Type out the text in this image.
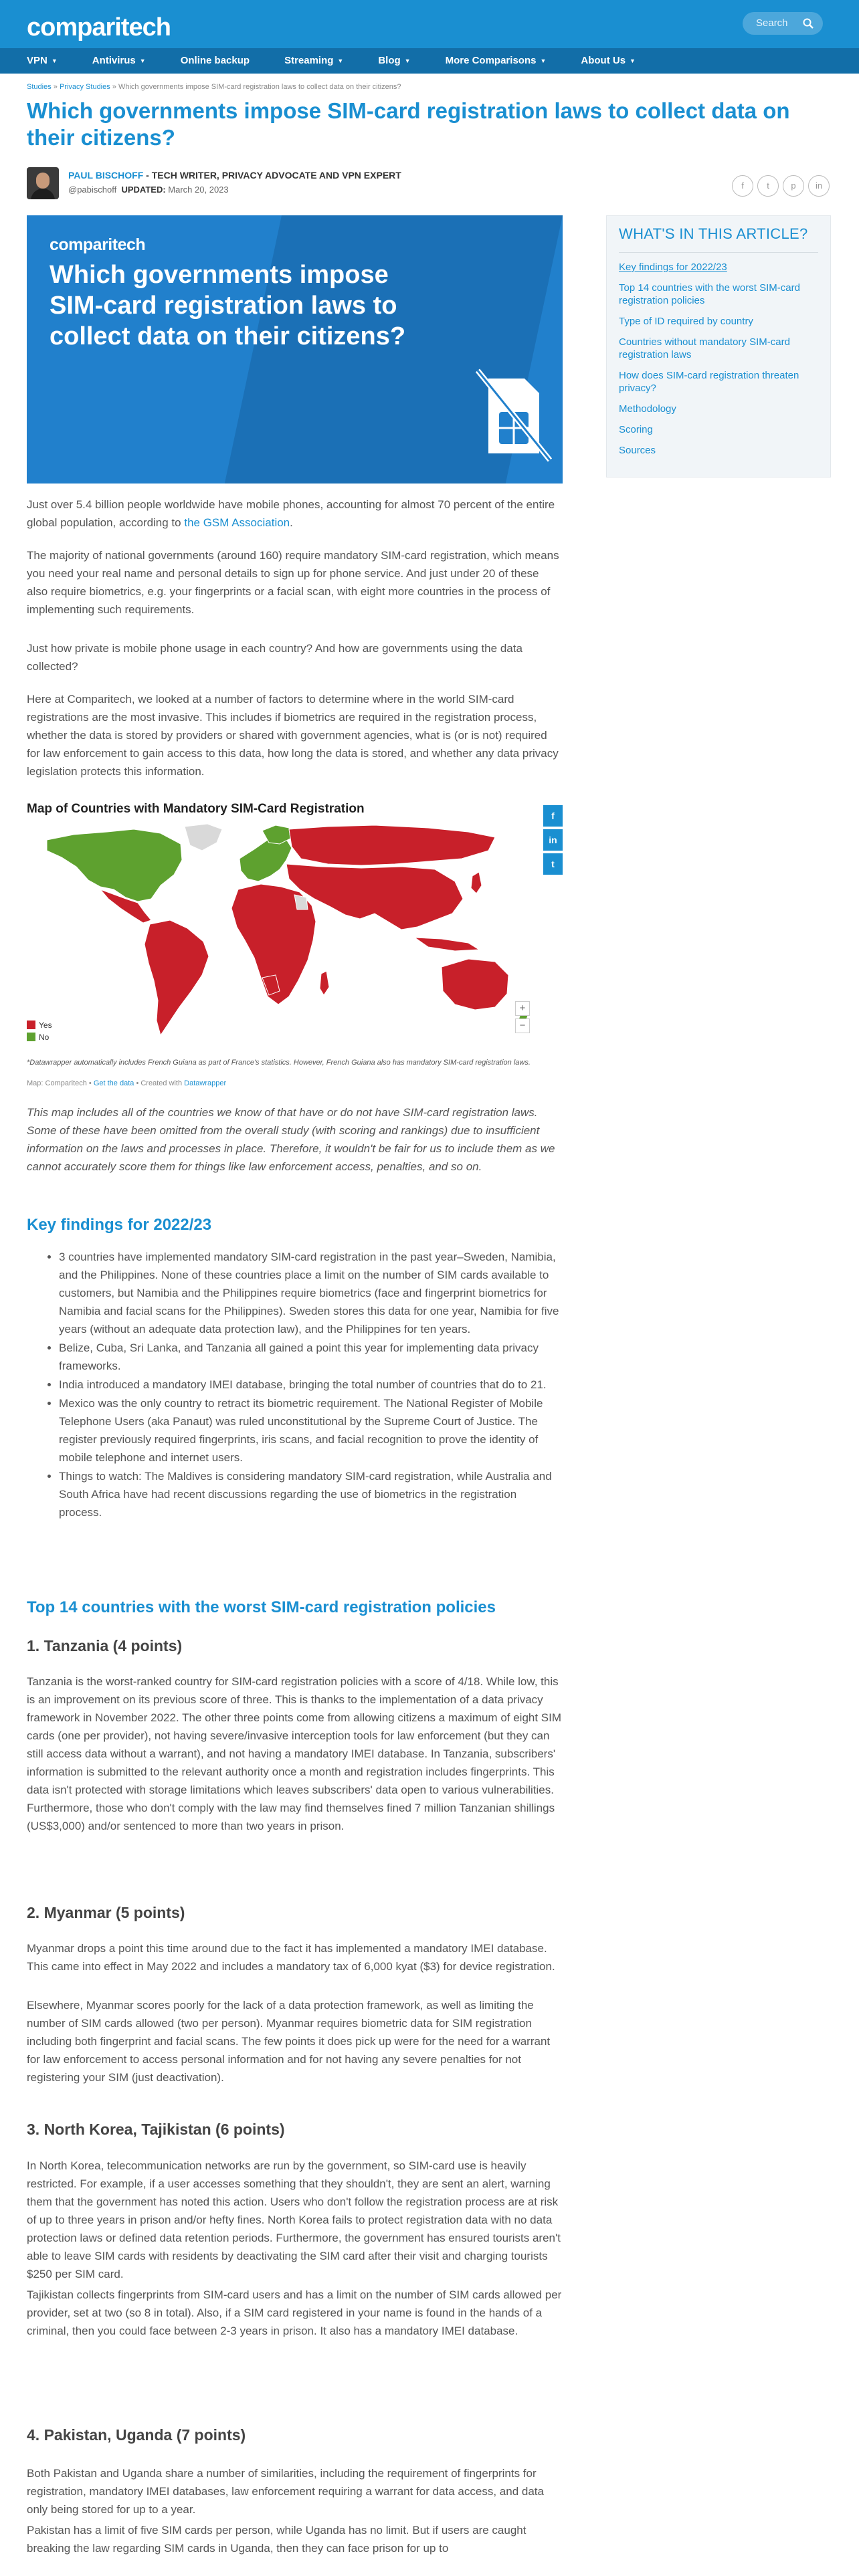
comparitech	Search
VPN ▼	Antivirus ▼	Online backup	Streaming ▼	Blog ▼	More Comparisons ▼	About Us ▼
Studies » Privacy Studies » Which governments impose SIM-card registration laws to collect data on their citizens?
Which governments impose SIM-card registration laws to collect data on their citizens?
PAUL BISCHOFF - TECH WRITER, PRIVACY ADVOCATE AND VPN EXPERT
@pabischoff UPDATED: March 20, 2023	f	t	p	in
comparitech
Which governments impose SIM-card registration laws to collect data on their citizens?

Just over 5.4 billion people worldwide have mobile phones, accounting for almost 70 percent of the entire global population, according to the GSM Association.

The majority of national governments (around 160) require mandatory SIM-card registration, which means you need your real name and personal details to sign up for phone service. And just under 20 of these also require biometrics, e.g. your fingerprints or a facial scan, with eight more countries in the process of implementing such requirements.

Just how private is mobile phone usage in each country? And how are governments using the data collected?

Here at Comparitech, we looked at a number of factors to determine where in the world SIM-card registrations are the most invasive. This includes if biometrics are required in the registration process, whether the data is stored by providers or shared with government agencies, what is (or is not) required for law enforcement to gain access to this data, how long the data is stored, and whether any data privacy legislation protects this information.

Map of Countries with Mandatory SIM-Card Registration	f
in
t
+
−
Yes
No
*Datawrapper automatically includes French Guiana as part of France's statistics. However, French Guiana also has mandatory SIM-card registration laws.
Map: Comparitech • Get the data • Created with Datawrapper

This map includes all of the countries we know of that have or do not have SIM-card registration laws. Some of these have been omitted from the overall study (with scoring and rankings) due to insufficient information on the laws and processes in place. Therefore, it wouldn't be fair for us to include them as we cannot accurately score them for things like law enforcement access, penalties, and so on.

Key findings for 2022/23
• 3 countries have implemented mandatory SIM-card registration in the past year–Sweden, Namibia, and the Philippines. None of these countries place a limit on the number of SIM cards available to customers, but Namibia and the Philippines require biometrics (face and fingerprint biometrics for Namibia and facial scans for the Philippines). Sweden stores this data for one year, Namibia for five years (without an adequate data protection law), and the Philippines for ten years.
• Belize, Cuba, Sri Lanka, and Tanzania all gained a point this year for implementing data privacy frameworks.
• India introduced a mandatory IMEI database, bringing the total number of countries that do to 21.
• Mexico was the only country to retract its biometric requirement. The National Register of Mobile Telephone Users (aka Panaut) was ruled unconstitutional by the Supreme Court of Justice. The register previously required fingerprints, iris scans, and facial recognition to prove the identity of mobile telephone and internet users.
• Things to watch: The Maldives is considering mandatory SIM-card registration, while Australia and South Africa have had recent discussions regarding the use of biometrics in the registration process.
Top 14 countries with the worst SIM-card registration policies
1. Tanzania (4 points)

Tanzania is the worst-ranked country for SIM-card registration policies with a score of 4/18. While low, this is an improvement on its previous score of three. This is thanks to the implementation of a data privacy framework in November 2022. The other three points come from allowing citizens a maximum of eight SIM cards (one per provider), not having severe/invasive interception tools for law enforcement (but they can still access data without a warrant), and not having a mandatory IMEI database. In Tanzania, subscribers' information is submitted to the relevant authority once a month and registration includes fingerprints. This data isn't protected with storage limitations which leaves subscribers' data open to various vulnerabilities. Furthermore, those who don't comply with the law may find themselves fined 7 million Tanzanian shillings (US$3,000) and/or sentenced to more than two years in prison.

2. Myanmar (5 points)

Myanmar drops a point this time around due to the fact it has implemented a mandatory IMEI database. This came into effect in May 2022 and includes a mandatory tax of 6,000 kyat ($3) for device registration.

Elsewhere, Myanmar scores poorly for the lack of a data protection framework, as well as limiting the number of SIM cards allowed (two per person). Myanmar requires biometric data for SIM registration including both fingerprint and facial scans. The few points it does pick up were for the need for a warrant for law enforcement to access personal information and for not having any severe penalties for not registering your SIM (just deactivation).

3. North Korea, Tajikistan (6 points)

In North Korea, telecommunication networks are run by the government, so SIM-card use is heavily restricted. For example, if a user accesses something that they shouldn't, they are sent an alert, warning them that the government has noted this action. Users who don't follow the registration process are at risk of up to three years in prison and/or hefty fines. North Korea fails to protect registration data with no data protection laws or defined data retention periods. Furthermore, the government has ensured tourists aren't able to leave SIM cards with residents by deactivating the SIM card after their visit and charging tourists $250 per SIM card.

Tajikistan collects fingerprints from SIM-card users and has a limit on the number of SIM cards allowed per provider, set at two (so 8 in total). Also, if a SIM card registered in your name is found in the hands of a criminal, then you could face between 2-3 years in prison. It also has a mandatory IMEI database.

4. Pakistan, Uganda (7 points)

Both Pakistan and Uganda share a number of similarities, including the requirement of fingerprints for registration, mandatory IMEI databases, law enforcement requiring a warrant for data access, and data only being stored for up to a year.

Pakistan has a limit of five SIM cards per person, while Uganda has no limit. But if users are caught breaking the law regarding SIM cards in Uganda, then they can face prison for up to

WHAT'S IN THIS ARTICLE?
Key findings for 2022/23
Top 14 countries with the worst SIM-card registration policies
Type of ID required by country
Countries without mandatory SIM-card registration laws
How does SIM-card registration threaten privacy?
Methodology
Scoring
Sources
